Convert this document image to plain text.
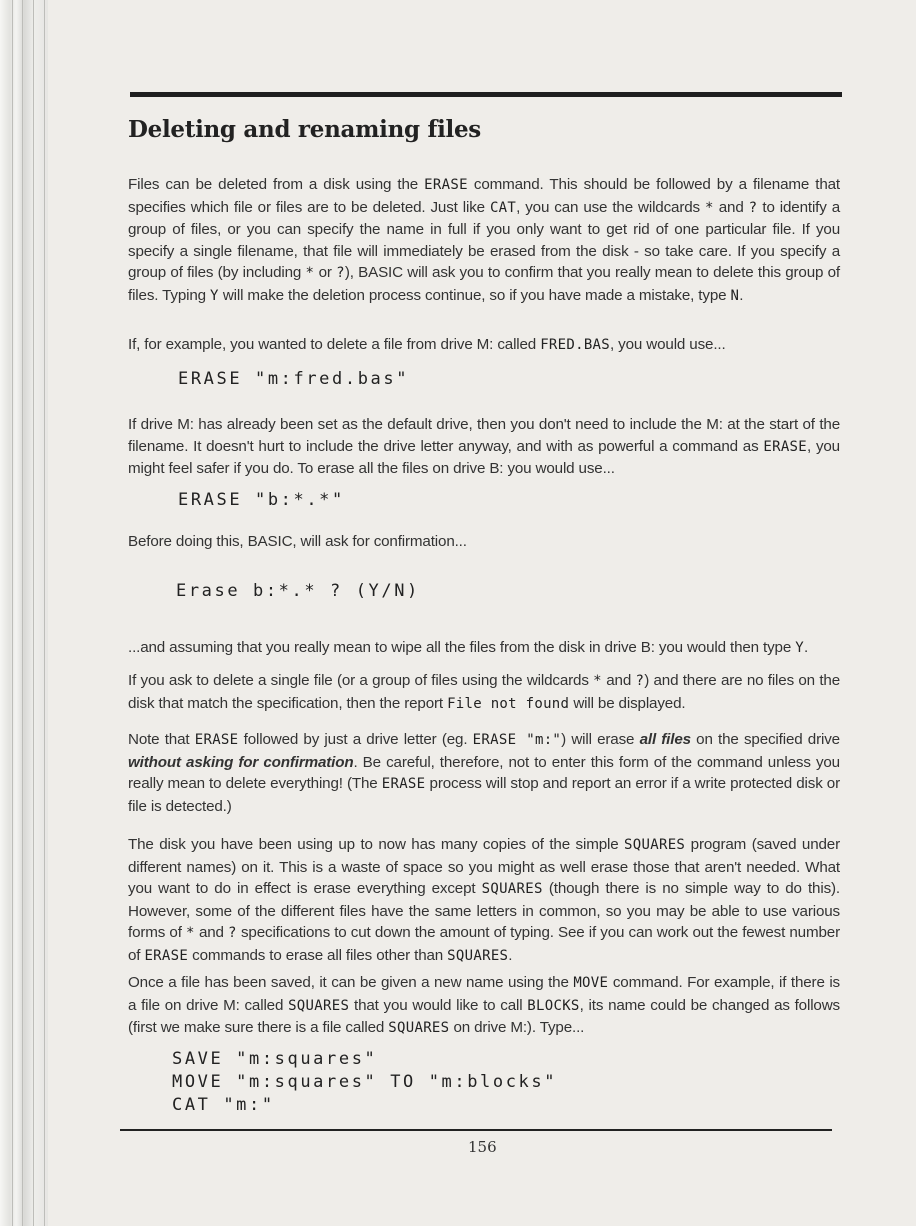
Deleting and renaming files

Files can be deleted from a disk using the ERASE command. This should be followed by a filename that specifies which file or files are to be deleted. Just like CAT, you can use the wildcards * and ? to identify a group of files, or you can specify the name in full if you only want to get rid of one particular file. If you specify a single filename, that file will immediately be erased from the disk - so take care. If you specify a group of files (by including * or ?), BASIC will ask you to confirm that you really mean to delete this group of files. Typing Y will make the deletion process continue, so if you have made a mistake, type N.

If, for example, you wanted to delete a file from drive M: called FRED.BAS, you would use...

ERASE "m:fred.bas"

If drive M: has already been set as the default drive, then you don't need to include the M: at the start of the filename. It doesn't hurt to include the drive letter anyway, and with as powerful a command as ERASE, you might feel safer if you do. To erase all the files on drive B: you would use...

ERASE "b:*.*"

Before doing this, BASIC, will ask for confirmation...

Erase b:*.* ? (Y/N)

...and assuming that you really mean to wipe all the files from the disk in drive B: you would then type Y.

If you ask to delete a single file (or a group of files using the wildcards * and ?) and there are no files on the disk that match the specification, then the report File not found will be displayed.

Note that ERASE followed by just a drive letter (eg. ERASE "m:") will erase all files on the specified drive without asking for confirmation. Be careful, therefore, not to enter this form of the command unless you really mean to delete everything! (The ERASE process will stop and report an error if a write protected disk or file is detected.)

The disk you have been using up to now has many copies of the simple SQUARES program (saved under different names) on it. This is a waste of space so you might as well erase those that aren't needed. What you want to do in effect is erase everything except SQUARES (though there is no simple way to do this). However, some of the different files have the same letters in common, so you may be able to use various forms of * and ? specifications to cut down the amount of typing. See if you can work out the fewest number of ERASE commands to erase all files other than SQUARES.

Once a file has been saved, it can be given a new name using the MOVE command. For example, if there is a file on drive M: called SQUARES that you would like to call BLOCKS, its name could be changed as follows (first we make sure there is a file called SQUARES on drive M:). Type...

SAVE "m:squares"
MOVE "m:squares" TO "m:blocks"
CAT "m:"
156
